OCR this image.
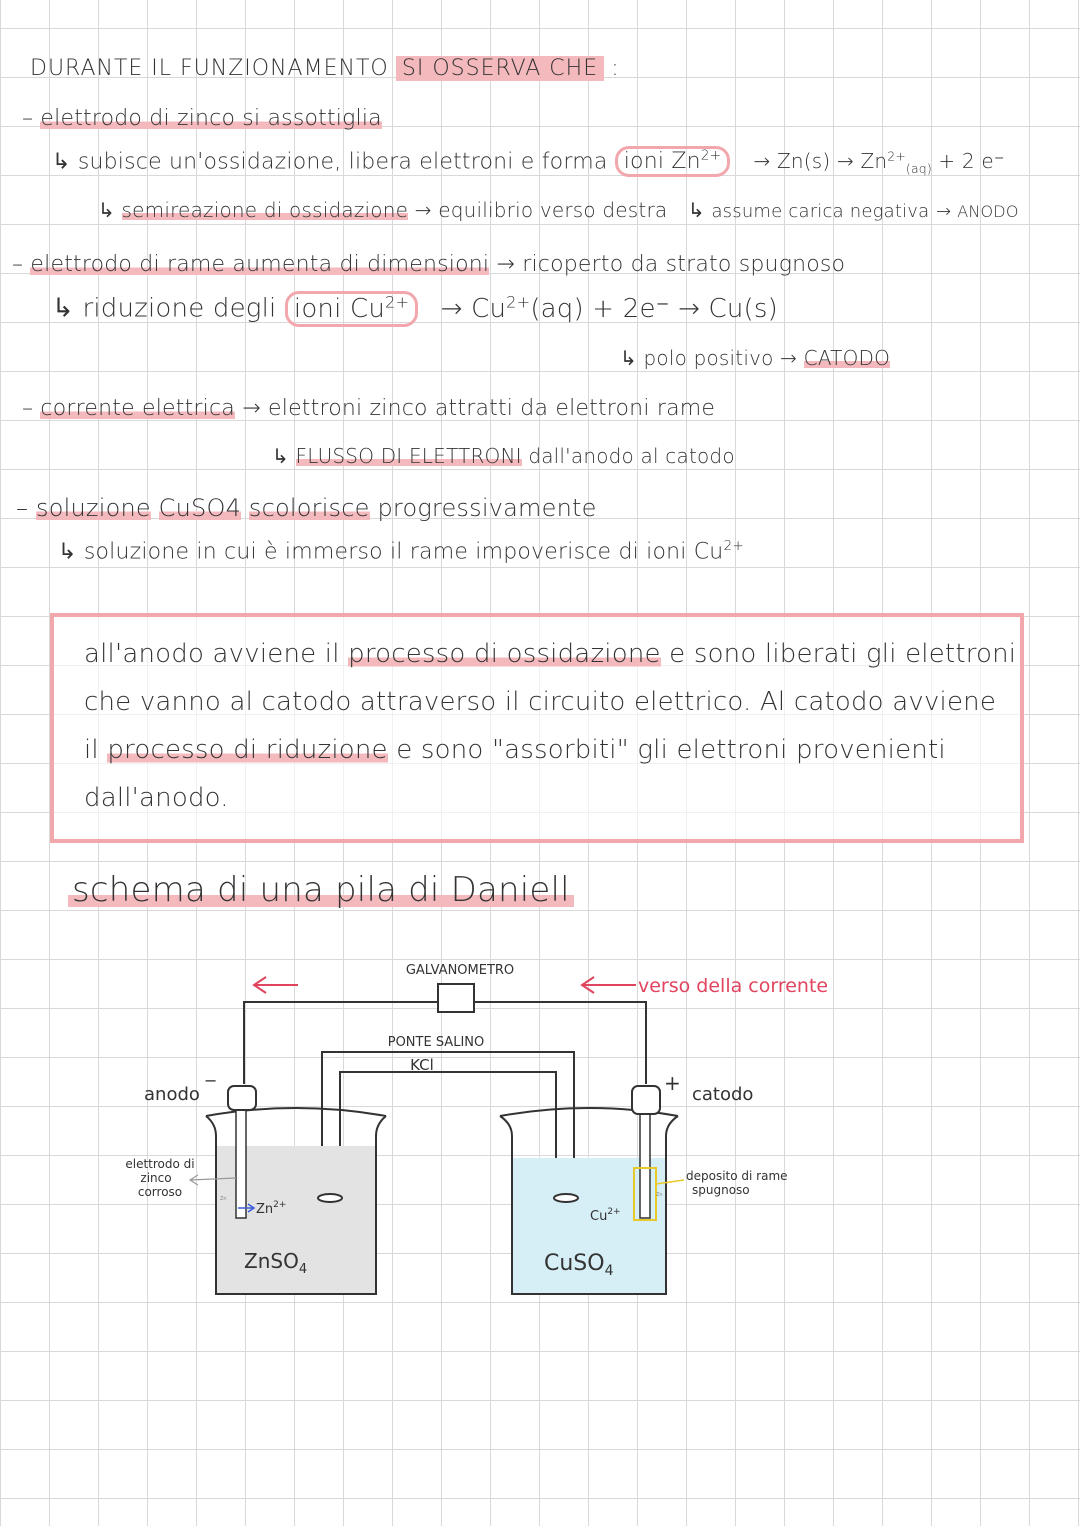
DURANTE IL FUNZIONAMENTO SI OSSERVA CHE :
– elettrodo di zinco si assottiglia
↳ subisce un'ossidazione, libera elettroni e forma ioni $Zn^{2+} \to Zn(s) \to Zn^{2+}_{(aq)} + 2$ e⁻
↳ semireazione di ossidazione → equilibrio verso destra ↳ assume carica negativa → ANODO
– elettrodo di rame aumenta di dimensioni → ricoperto da strato spugnoso
↳ riduzione degli ioni $Cu^{2+} \to Cu^{2+}(aq) + 2e^- \to Cu(s)$
↳ polo positivo → CATODO
– corrente elettrica → elettroni zinco attratti da elettroni rame
↳ FLUSSO DI ELETTRONI dall'anodo al catodo
– soluzione CuSO4 scolorisce progressivamente
↳ soluzione in cui è immerso il rame impoverisce di ioni $Cu^{2+}$

all'anodo avviene il processo di ossidazione e sono liberati gli elettroni

che vanno al catodo attraverso il circuito elettrico. Al catodo avviene

il processo di riduzione e sono "assorbiti" gli elettroni provenienti

dall'anodo.

schema di una pila di Daniell
GALVANOMETRO
verso della corrente
PONTE SALINO
KCl
$Zn^{2+}$
Zn
$Cu^{2+}$
Zn
anodo
−
catodo
+
elettrodo di
zinco
corroso
deposito di rame
spugnoso
ZnSO$_4$	CuSO$_4$
